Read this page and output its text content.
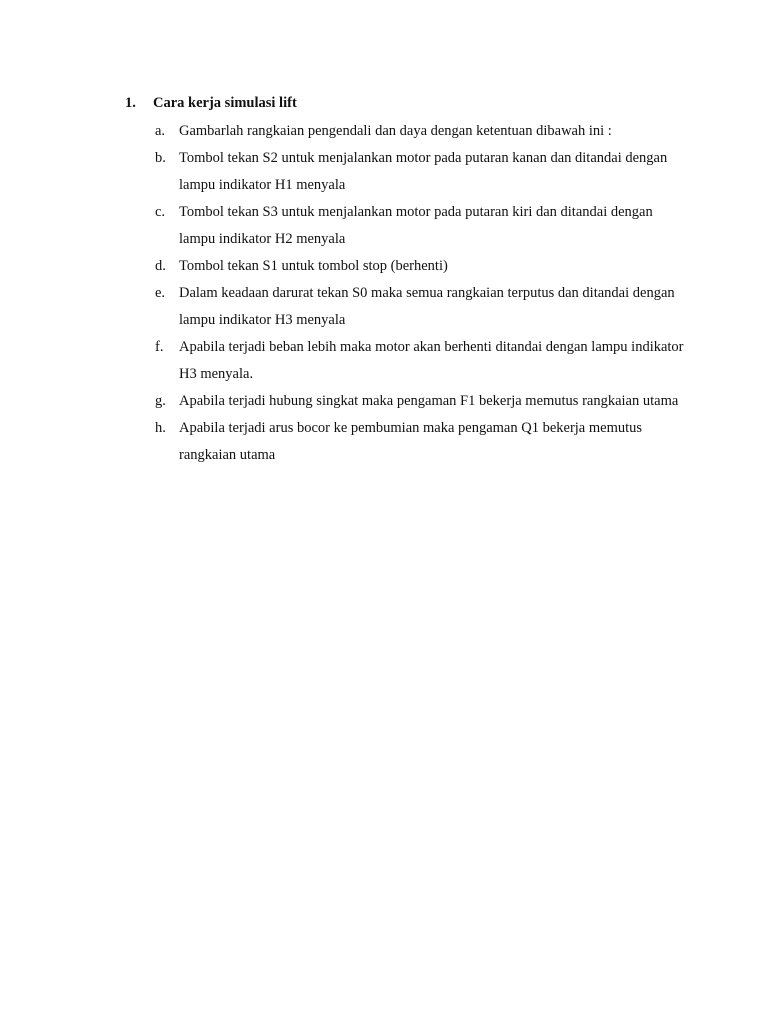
1. Cara kerja simulasi lift
a. Gambarlah rangkaian pengendali dan daya dengan ketentuan dibawah ini :
b. Tombol tekan S2 untuk menjalankan motor pada putaran kanan dan ditandai dengan lampu indikator H1 menyala
c. Tombol tekan S3 untuk menjalankan motor pada putaran kiri dan ditandai dengan lampu indikator H2 menyala
d. Tombol tekan S1 untuk tombol stop (berhenti)
e. Dalam keadaan darurat tekan S0 maka semua rangkaian terputus dan ditandai dengan lampu indikator H3 menyala
f. Apabila terjadi beban lebih maka motor akan berhenti ditandai dengan lampu indikator H3 menyala.
g. Apabila terjadi hubung singkat maka pengaman F1 bekerja memutus rangkaian utama
h. Apabila terjadi arus bocor ke pembumian maka pengaman Q1 bekerja memutus rangkaian utama
